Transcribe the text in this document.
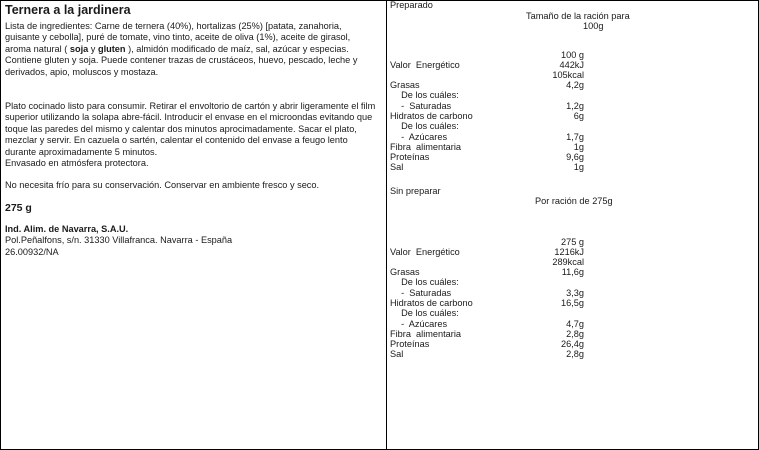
Ternera a la jardinera

Lista de ingredientes: Carne de ternera (40%), hortalizas (25%) [patata, zanahoria, guisante y cebolla], puré de tomate, vino tinto, aceite de oliva (1%), aceite de girasol, aroma natural ( soja y gluten ), almidón modificado de maíz, sal, azúcar y especias. Contiene gluten y soja. Puede contener trazas de crustáceos, huevo, pescado, leche y derivados, apio, moluscos y mostaza.

Plato cocinado listo para consumir. Retirar el envoltorio de cartón y abrir ligeramente el film superior utilizando la solapa abre-fácil. Introducir el envase en el microondas evitando que toque las paredes del mismo y calentar dos minutos aprocimadamente. Sacar el plato, mezclar y servir. En cazuela o sartén, calentar el contenido del envase a feugo lento durante aproximadamente 5 minutos.

Envasado en atmósfera protectora.

No necesita frío para su conservación. Conservar en ambiente fresco y seco.

275 g

Ind. Alim. de Navarra, S.A.U.
Pol.Peñalfons, s/n. 31330 Villafranca. Navarra - España
26.00932/NA
Preparado
Tamaño de la ración para
100g
100 g
Valor  Energético	442kJ
105kcal
Grasas	4,2g
De los cuáles:
-  Saturadas	1,2g
Hidratos de carbono	6g
De los cuáles:
-  Azúcares	1,7g
Fibra  alimentaria	1g
Proteínas	9,6g
Sal	1g
Sin preparar
Por ración de 275g
275 g
Valor  Energético	1216kJ
289kcal
Grasas	11,6g
De los cuáles:
-  Saturadas	3,3g
Hidratos de carbono	16,5g
De los cuáles:
-  Azúcares	4,7g
Fibra  alimentaria	2,8g
Proteínas	26,4g
Sal	2,8g
